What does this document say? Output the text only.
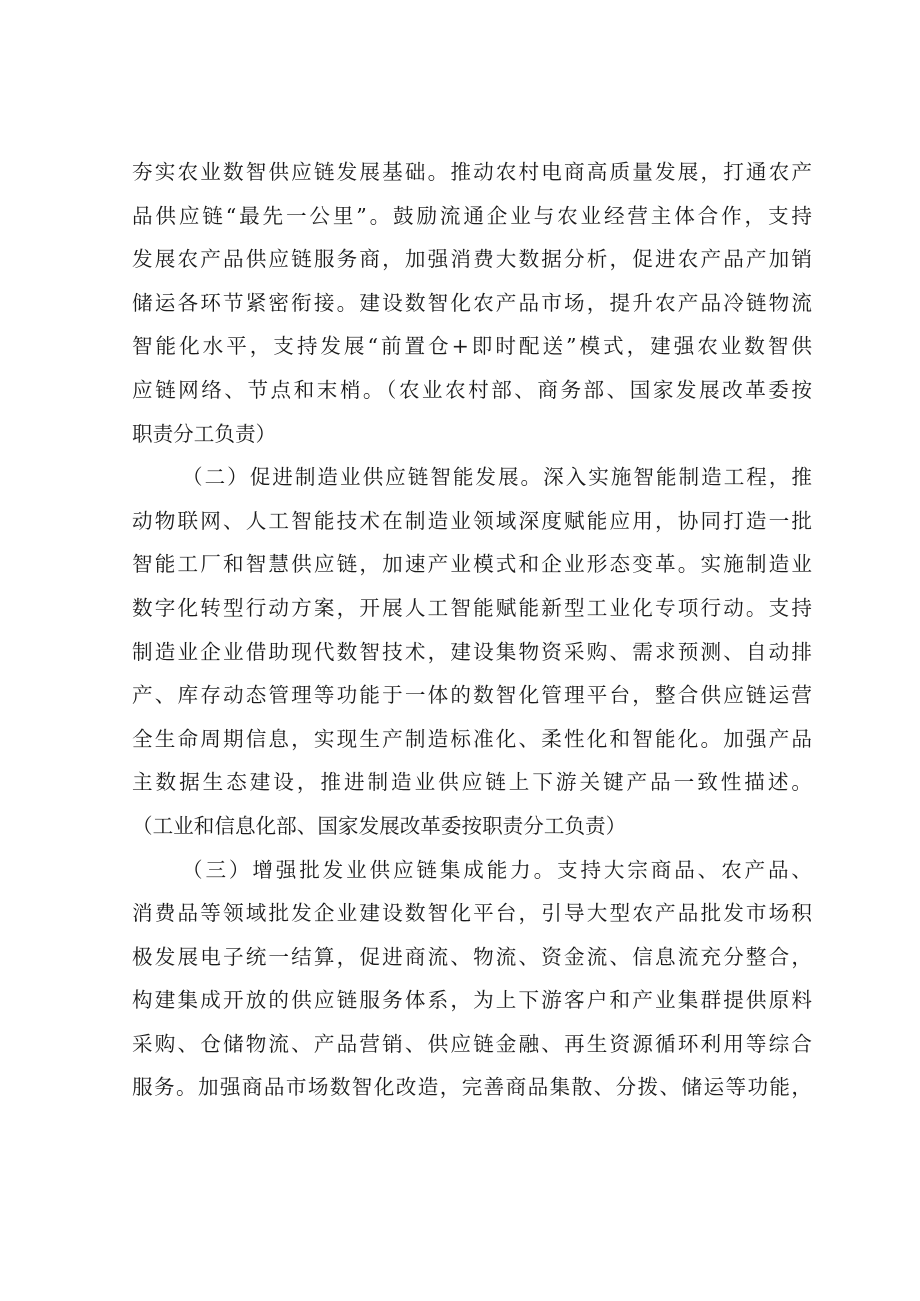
夯实农业数智供应链发展基础。推动农村电商高质量发展，打通农产
品供应链“最先一公里”。鼓励流通企业与农业经营主体合作，支持
发展农产品供应链服务商，加强消费大数据分析，促进农产品产加销
储运各环节紧密衔接。建设数智化农产品市场，提升农产品冷链物流
智能化水平，支持发展“前置仓+即时配送”模式，建强农业数智供
应链网络、节点和末梢。（农业农村部、商务部、国家发展改革委按
职责分工负责）
（二）促进制造业供应链智能发展。深入实施智能制造工程，推
动物联网、人工智能技术在制造业领域深度赋能应用，协同打造一批
智能工厂和智慧供应链，加速产业模式和企业形态变革。实施制造业
数字化转型行动方案，开展人工智能赋能新型工业化专项行动。支持
制造业企业借助现代数智技术，建设集物资采购、需求预测、自动排
产、库存动态管理等功能于一体的数智化管理平台，整合供应链运营
全生命周期信息，实现生产制造标准化、柔性化和智能化。加强产品
主数据生态建设，推进制造业供应链上下游关键产品一致性描述。
（工业和信息化部、国家发展改革委按职责分工负责）
（三）增强批发业供应链集成能力。支持大宗商品、农产品、
消费品等领域批发企业建设数智化平台，引导大型农产品批发市场积
极发展电子统一结算，促进商流、物流、资金流、信息流充分整合，
构建集成开放的供应链服务体系，为上下游客户和产业集群提供原料
采购、仓储物流、产品营销、供应链金融、再生资源循环利用等综合
服务。加强商品市场数智化改造，完善商品集散、分拨、储运等功能，
